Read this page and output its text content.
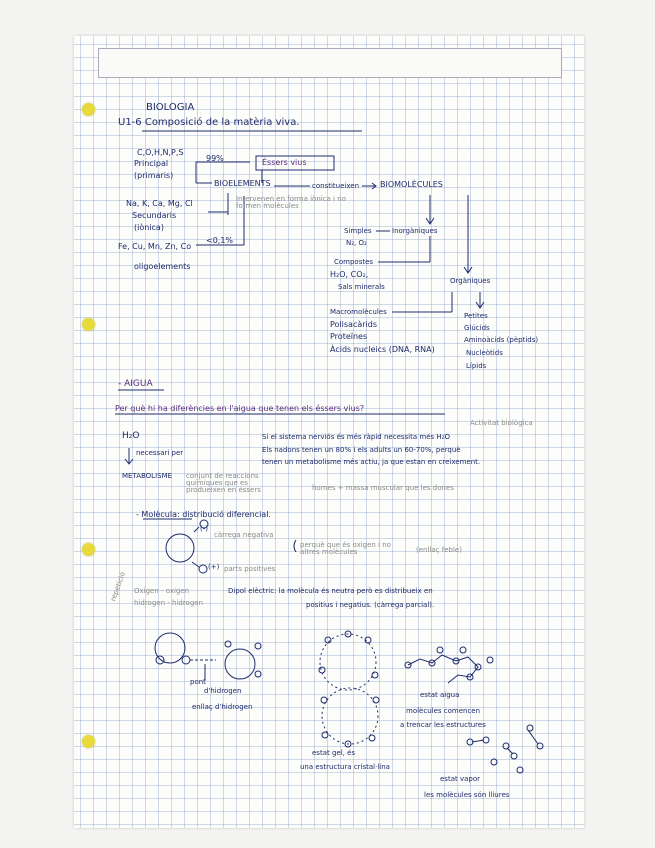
BIOLOGIA
U1-6 Composició de la matèria viva.
C,O,H,N,P,S
Principal
(primaris)
99%	Éssers vius
BIOELEMENTS	constitueixen	BIOMOLÈCULES
Intervenen en forma iònica i no formen molècules
Na, K, Ca, Mg, Cl
Secundaris
(iònica)
<0,1%
Fe, Cu, Mn, Zn, Co
oligoelements
Simples	Inorgàniques
N₂, O₂
Compostes
H₂O, CO₂,
Sals minerals
Orgàniques
Macromolècules
Polisacàrids
Proteïnes
Àcids nucleics (DNA, RNA)
Petites
Glúcids
Aminoàcids (pèptids)
Nucleòtids
Lípids
- AIGUA
Per què hi ha diferències en l'aigua que tenen els éssers vius?
H₂O
necessari per
METABOLISME conjunt de reaccions químiques que es produeixen en éssers
Activitat biològica
Si el sistema nerviós és més ràpid necessita més H₂O
Els nadons tenen un 80% i els adults un 60-70%, perquè
tenen un metabolisme més actiu, ja que estan en creixement.
homes + massa muscular que les dones
- Molècula: distribució diferencial.
(-)
càrrega negativa
perquè que és oxigen i no altres molècules	(enllaç feble)
(+) parts positives
repetició Oxigen - oxigen
hidrogen - hidrogen
Dipol elèctric: la molècula és neutra però es distribueix en
positius i negatius. (càrrega parcial).
pont
d'hidrogen
enllaç d'hidrogen
estat aigua
molècules comencen
a trencar les estructures
estat gel, és
una estructura cristal·lina
estat vapor
les molècules són lliures
